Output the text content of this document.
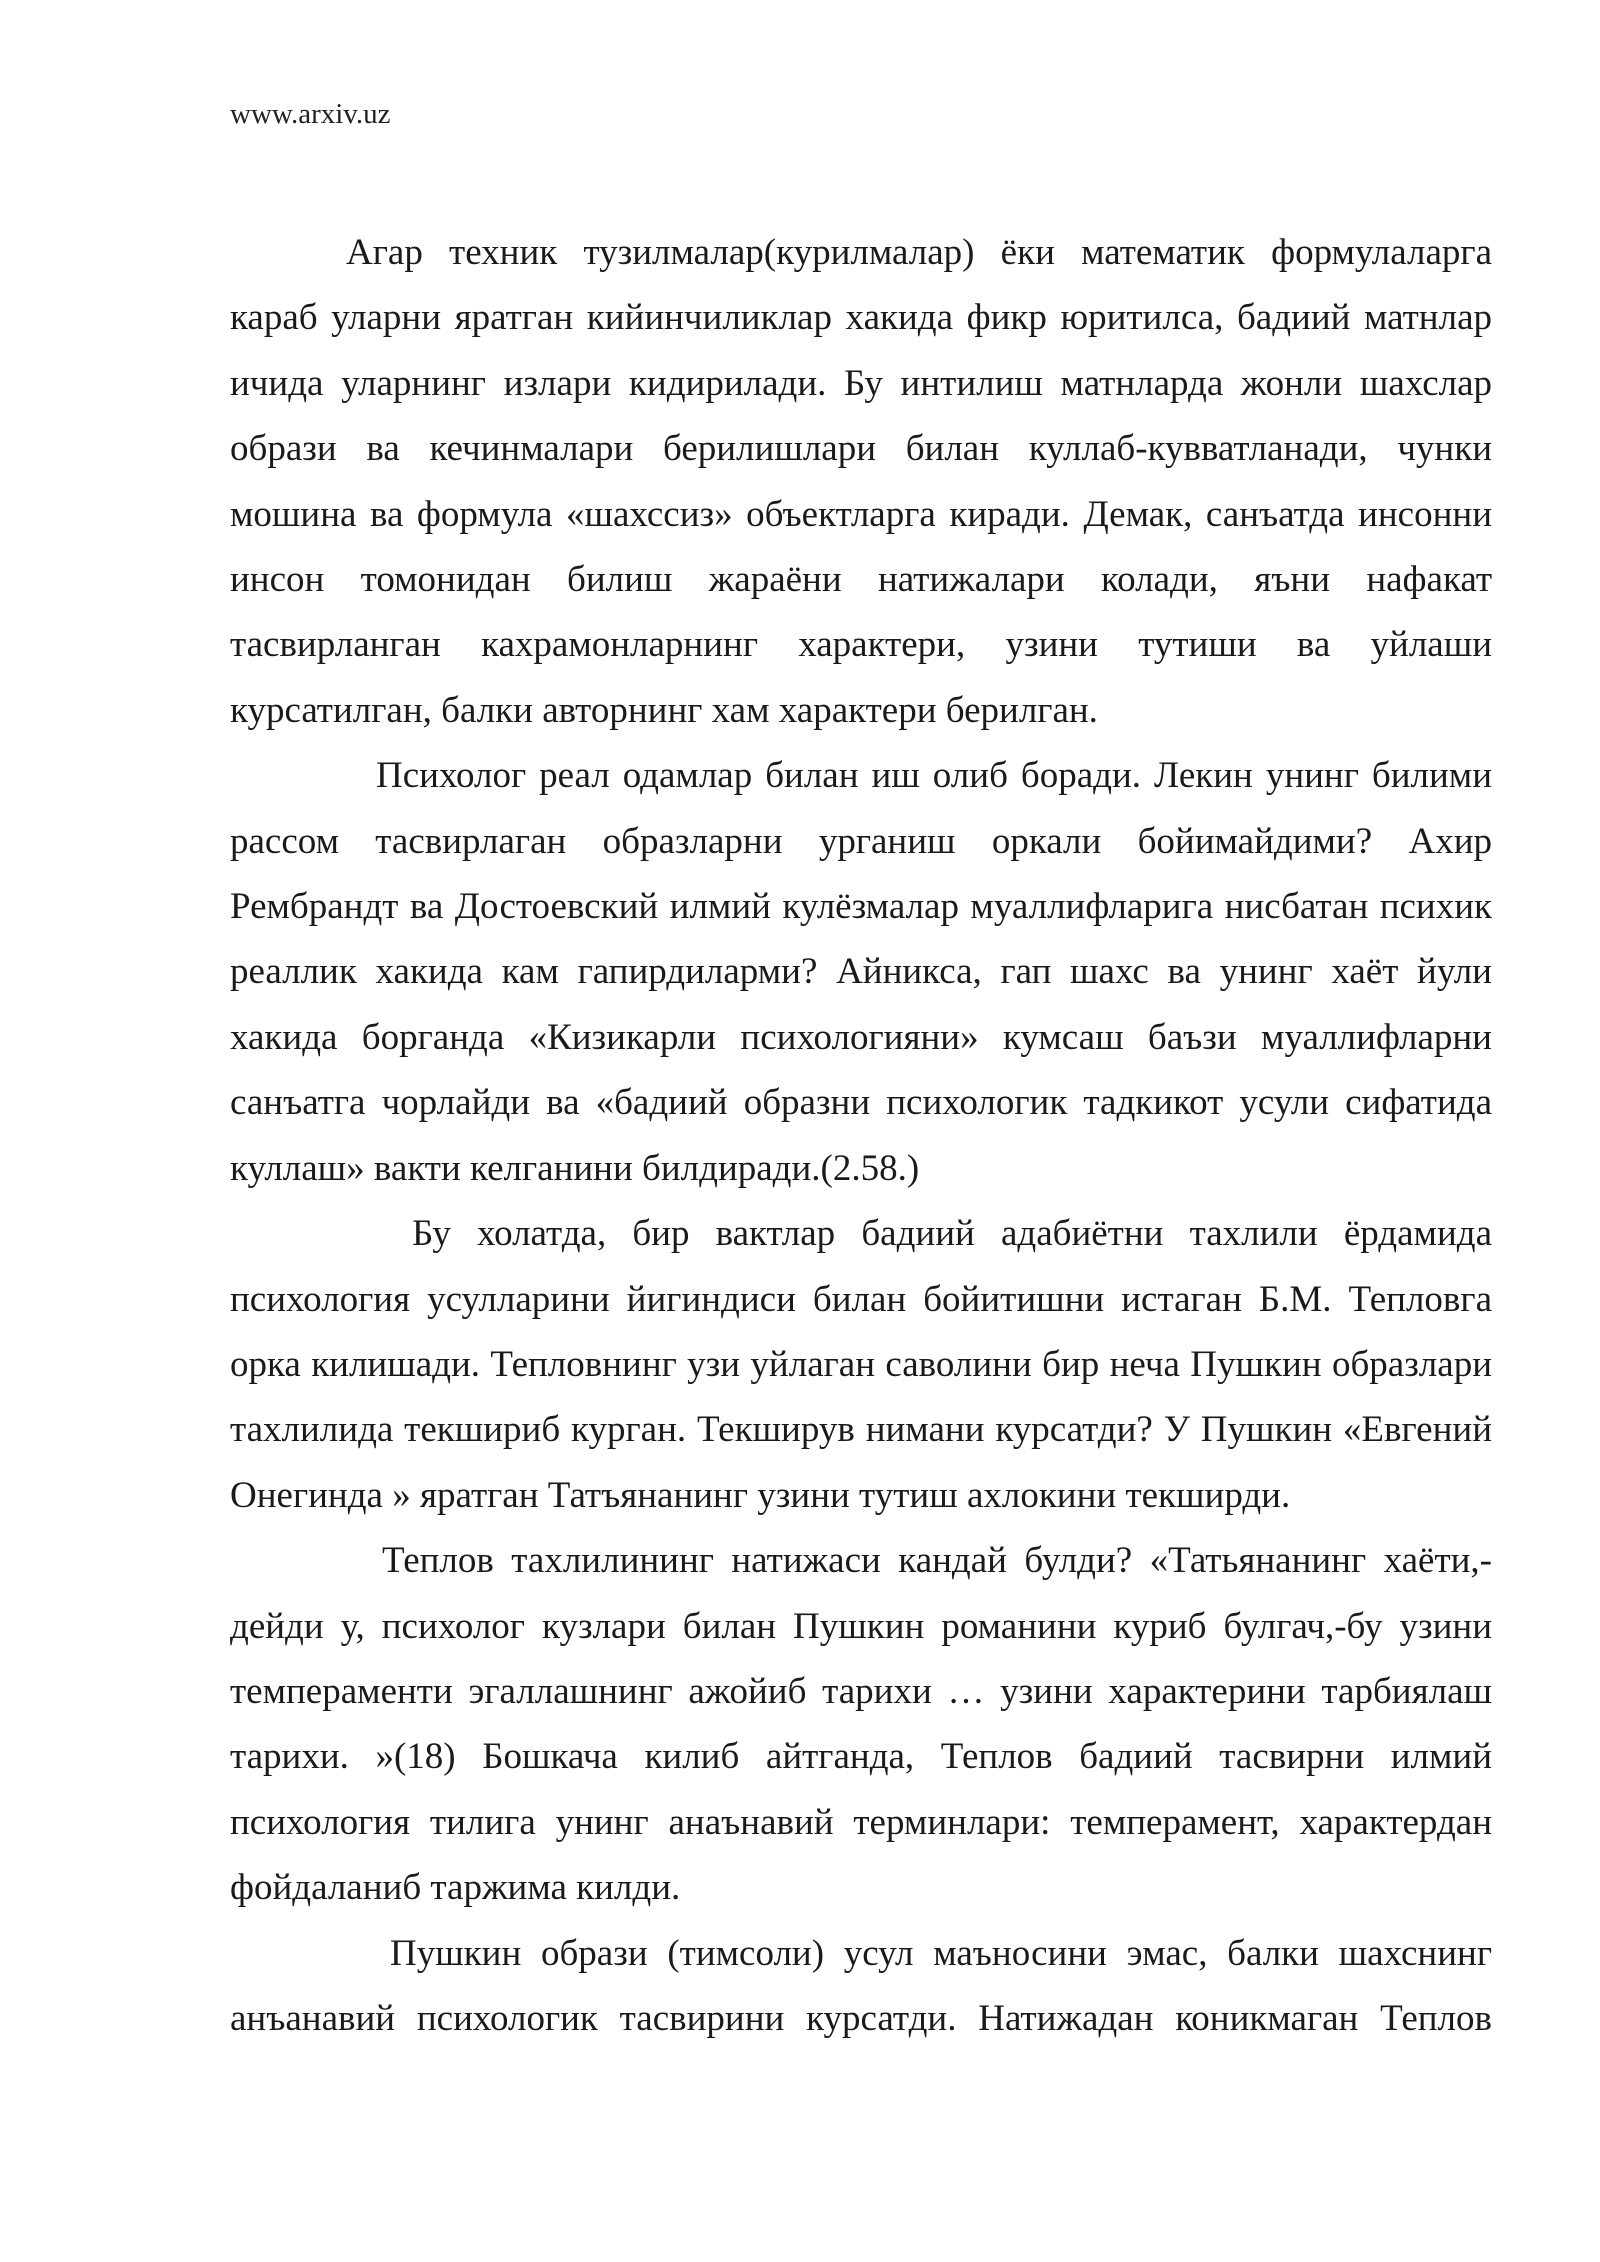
www.arxiv.uz

Агар техник тузилмалар(курилмалар) ёки математик формулаларга караб уларни яратган кийинчиликлар хакида фикр юритилса, бадиий матнлар ичида уларнинг излари кидирилади. Бу интилиш матнларда жонли шахслар образи ва кечинмалари берилишлари билан куллаб-кувватланади, чунки мошина ва формула «шахссиз» объектларга киради. Демак, санъатда инсонни инсон томонидан билиш жараёни натижалари колади, яъни нафакат тасвирланган кахрамонларнинг характери, узини тутиши ва уйлаши курсатилган, балки авторнинг хам характери берилган.

Психолог реал одамлар билан иш олиб боради. Лекин унинг билими рассом тасвирлаган образларни урганиш оркали бойимайдими? Ахир Рембрандт ва Достоевский илмий кулёзмалар муаллифларига нисбатан психик реаллик хакида кам гапирдиларми? Айникса, гап шахс ва унинг хаёт йули хакида борганда «Кизикарли психологияни» кумсаш баъзи муаллифларни санъатга чорлайди ва «бадиий образни психологик тадкикот усули сифатида куллаш» вакти келганини билдиради.(2.58.)

Бу холатда, бир вактлар бадиий адабиётни тахлили ёрдамида психология усулларини йигиндиси билан бойитишни истаган Б.М. Тепловга орка килишади. Тепловнинг узи уйлаган саволини бир неча Пушкин образлари тахлилида текшириб курган. Текширув нимани курсатди? У Пушкин «Евгений Онегинда » яратган Татъянанинг узини тутиш ахлокини текширди.

Теплов тахлилининг натижаси кандай булди? «Татьянанинг хаёти,- дейди у, психолог кузлари билан Пушкин романини куриб булгач,-бу узини темпераменти эгаллашнинг ажойиб тарихи … узини характерини тарбиялаш тарихи. »(18) Бошкача килиб айтганда, Теплов бадиий тасвирни илмий психология тилига унинг анаънавий терминлари: темперамент, характердан фойдаланиб таржима килди.

Пушкин образи (тимсоли) усул маъносини эмас, балки шахснинг анъанавий психологик тасвирини курсатди. Натижадан коникмаган Теплов
